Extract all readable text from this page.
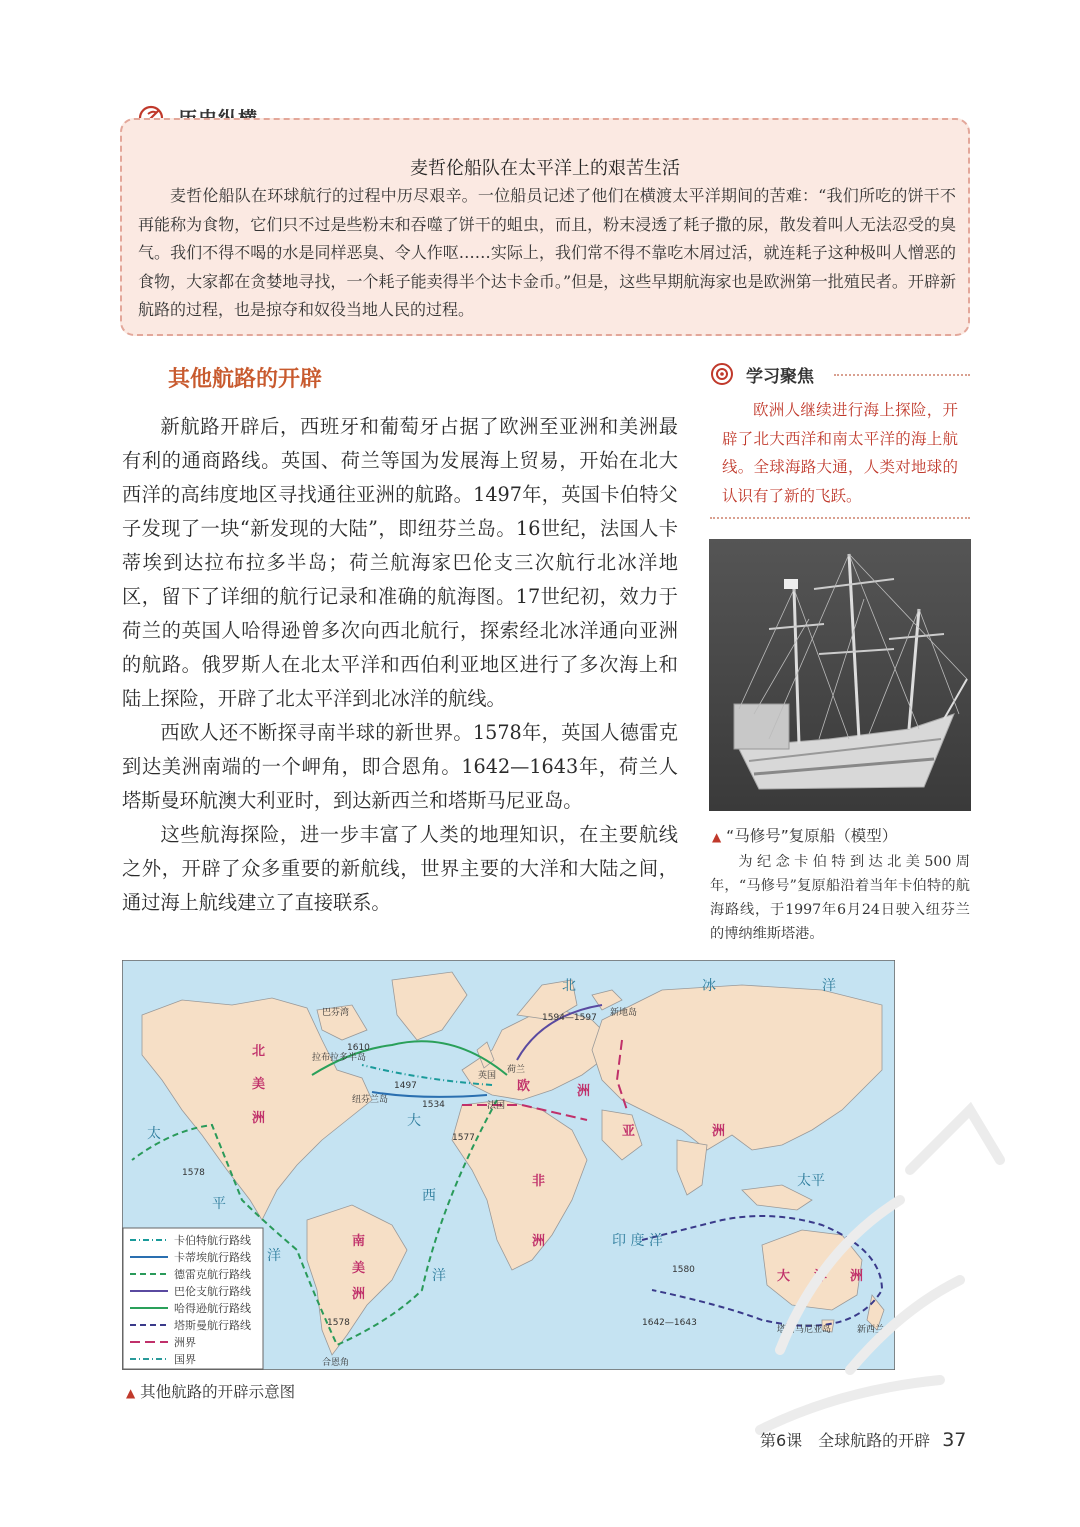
麦哲伦船队在太平洋上的艰苦生活

麦哲伦船队在环球航行的过程中历尽艰辛。一位船员记述了他们在横渡太平洋期间的苦难：“我们所吃的饼干不再能称为食物，它们只不过是些粉末和吞噬了饼干的蛆虫，而且，粉末浸透了耗子撒的尿，散发着叫人无法忍受的臭气。我们不得不喝的水是同样恶臭、令人作呕……实际上，我们常不得不靠吃木屑过活，就连耗子这种极叫人憎恶的食物，大家都在贪婪地寻找，一个耗子能卖得半个达卡金币。”但是，这些早期航海家也是欧洲第一批殖民者。开辟新航路的过程，也是掠夺和奴役当地人民的过程。

其他航路的开辟

新航路开辟后，西班牙和葡萄牙占据了欧洲至亚洲和美洲最有利的通商路线。英国、荷兰等国为发展海上贸易，开始在北大西洋的高纬度地区寻找通往亚洲的航路。1497年，英国卡伯特父子发现了一块“新发现的大陆”，即纽芬兰岛。16世纪，法国人卡蒂埃到达拉布拉多半岛；荷兰航海家巴伦支三次航行北冰洋地区，留下了详细的航行记录和准确的航海图。17世纪初，效力于荷兰的英国人哈得逊曾多次向西北航行，探索经北冰洋通向亚洲的航路。俄罗斯人在北太平洋和西伯利亚地区进行了多次海上和陆上探险，开辟了北太平洋到北冰洋的航线。

西欧人还不断探寻南半球的新世界。1578年，英国人德雷克到达美洲南端的一个岬角，即合恩角。1642—1643年，荷兰人塔斯曼环航澳大利亚时，到达新西兰和塔斯马尼亚岛。

这些航海探险，进一步丰富了人类的地理知识，在主要航线之外，开辟了众多重要的新航线，世界主要的大洋和大陆之间，通过海上航线建立了直接联系。

学习聚焦

欧洲人继续进行海上探险，开辟了北大西洋和南太平洋的海上航线。全球海路大通，人类对地球的认识有了新的飞跃。

▲ “马修号”复原船（模型）

为纪念卡伯特到达北美500周年，“马修号”复原船沿着当年卡伯特的航海路线，于1997年6月24日驶入纽芬兰的博纳维斯塔港。

北
美
洲
南
美
洲
欧	洲
亚	洲
非
洲
大 洋 洲
北	冰	洋
大
西
洋
太
平
洋
太平
印 度 洋
巴芬湾
拉布拉多半岛
纽芬兰岛
英国
荷兰
法国
新地岛
塔斯马尼亚岛	新西兰
合恩角
1497
1534
1610
1577
1578
1578
1594—1597
1642—1643
1580
卡伯特航行路线
卡蒂埃航行路线
德雷克航行路线
巴伦支航行路线
哈得逊航行路线
塔斯曼航行路线
洲界
国界
▲ 其他航路的开辟示意图
第6课　全球航路的开辟 37
